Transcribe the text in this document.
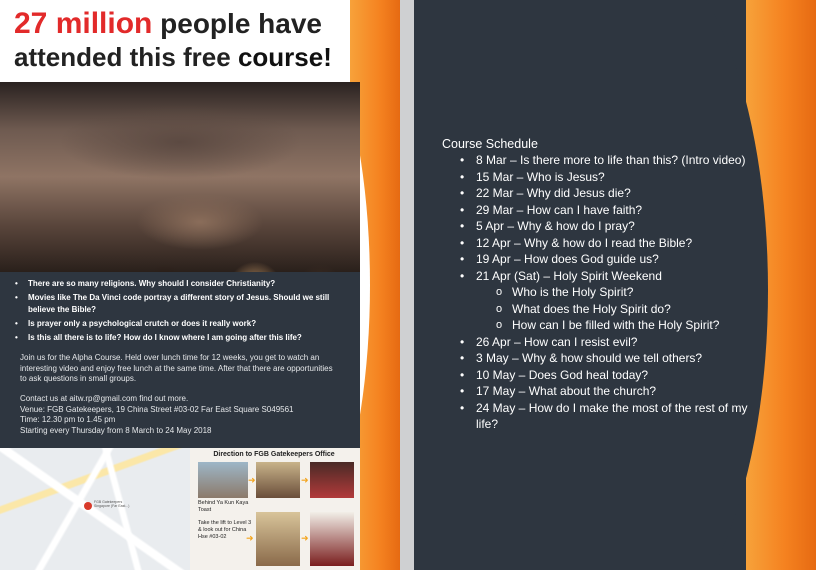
27 million people have
attended this free course!
• There are so many religions. Why should I consider Christianity?
• Movies like The Da Vinci code portray a different story of Jesus. Should we still believe the Bible?
• Is prayer only a psychological crutch or does it really work?
• Is this all there is to life? How do I know where I am going after this life?
Join us for the Alpha Course. Held over lunch time for 12 weeks, you get to watch an interesting video and enjoy free lunch at the same time. After that there are opportunities to ask questions in small groups.
Contact us at aitw.rp@gmail.com find out more.
Venue: FGB Gatekeepers, 19 China Street #03-02 Far East Square S049561
Time: 12.30 pm to 1.45 pm
Starting every Thursday from 8 March to 24 May 2018
FGB Gatekeepers Singapore (Far East...)
Direction to FGB Gatekeepers Office
➜	➜
➜	➜
Behind Ya Kun Kaya Toast
Take the lift to Level 3 & look out for China Hse #03-02
Course Schedule
• 8 Mar – Is there more to life than this? (Intro video)
• 15 Mar – Who is Jesus?
• 22 Mar – Why did Jesus die?
• 29 Mar – How can I have faith?
• 5 Apr – Why & how do I pray?
• 12 Apr – Why & how do I read the Bible?
• 19 Apr – How does God guide us?
• 21 Apr (Sat) – Holy Spirit Weekend
o Who is the Holy Spirit?
o What does the Holy Spirit do?
o How can I be filled with the Holy Spirit?
• 26 Apr – How can I resist evil?
• 3 May – Why & how should we tell others?
• 10 May – Does God heal today?
• 17 May – What about the church?
• 24 May – How do I make the most of the rest of my life?
